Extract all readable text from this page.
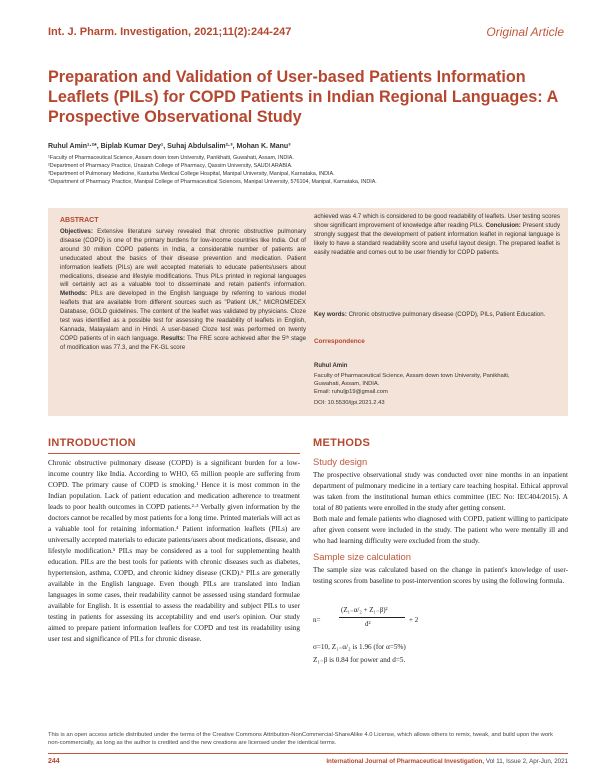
Int. J. Pharm. Investigation, 2021;11(2):244-247	Original Article
Preparation and Validation of User-based Patients Information Leaflets (PILs) for COPD Patients in Indian Regional Languages: A Prospective Observational Study
Ruhul Amin¹·²*, Biplab Kumar Dey¹, Suhaj Abdulsalim²·³, Mohan K. Manu³
¹Faculty of Pharmaceutical Science, Assam down town University, Panikhaiti, Guwahati, Assam, INDIA.
²Department of Pharmacy Practice, Unaizah College of Pharmacy, Qassim University, SAUDI ARABIA.
³Department of Pulmonary Medicine, Kasturba Medical College Hospital, Manipal University, Manipal, Karnataka, INDIA.
⁴Department of Pharmacy Practice, Manipal College of Pharmaceutical Sciences, Manipal University, 576104, Manipal, Karnataka, INDIA.
ABSTRACT

Objectives: Extensive literature survey revealed that chronic obstructive pulmonary disease (COPD) is one of the primary burdens for low-income countries like India. Out of around 30 million COPD patients in India, a considerable number of patients are uneducated about the basics of their disease prevention and medication. Patient information leaflets (PILs) are well accepted materials to educate patients/users about medications, disease and lifestyle modifications. Thus PILs printed in regional languages will certainly act as a valuable tool to disseminate and retain patient's information. Methods: PILs are developed in the English language by referring to various model leaflets that are available from different sources such as "Patient UK," MICROMEDEX Database, GOLD guidelines. The content of the leaflet was validated by physicians. Cloze test was identified as a possible test for assessing the readability of leaflets in English, Kannada, Malayalam and in Hindi. A user-based Cloze test was performed on twenty COPD patients of in each language. Results: The FRE score achieved after the 5ᵗʰ stage of modification was 77.3, and the FK-GL score

achieved was 4.7 which is considered to be good readability of leaflets. User testing scores show significant improvement of knowledge after reading PILs. Conclusion: Present study strongly suggest that the development of patient information leaflet in regional language is likely to have a standard readability score and useful layout design. The prepared leaflet is easily readable and comes out to be user friendly for COPD patients.

Key words: Chronic obstructive pulmonary disease (COPD), PILs, Patient Education.

Correspondence
Ruhul Amin
Faculty of Pharmaceutical Science, Assam down town University, Panikhaiti,
Guwahati, Assam, INDIA.
Email: ruhuljp19@gmail.com
DOI: 10.5530/ijpi.2021.2.43
INTRODUCTION

Chronic obstructive pulmonary disease (COPD) is a significant burden for a low-income country like India. According to WHO, 65 million people are suffering from COPD. The primary cause of COPD is smoking.¹ Hence it is most common in the Indian population. Lack of patient education and medication adherence to treatment leads to poor health outcomes in COPD patients.²·³ Verbally given information by the doctors cannot be recalled by most patients for a long time. Printed materials will act as a valuable tool for retaining information.⁴ Patient information leaflets (PILs) are universally accepted materials to educate patients/users about medications, disease, and lifestyle modification.⁵ PILs may be considered as a tool for supplementing health education. PILs are the best tools for patients with chronic diseases such as diabetes, hypertension, asthma, COPD, and chronic kidney disease (CKD).⁶ PILs are generally available in the English language. Even though PILs are translated into Indian languages in some cases, their readability cannot be assessed using standard formulae available for English. It is essential to assess the readability and subject PILs to user testing in patients for assessing its acceptability and end user's opinion. Our study aimed to prepare patient information leaflets for COPD and test its readability using user test and significance of PILs for chronic disease.

METHODS
Study design

The prospective observational study was conducted over nine months in an inpatient department of pulmonary medicine in a tertiary care teaching hospital. Ethical approval was taken from the institutional human ethics committee (IEC No: IEC404/2015). A total of 80 patients were enrolled in the study after getting consent.

Both male and female patients who diagnosed with COPD, patient willing to participate after given consent were included in the study. The patient who were mentally ill and who had learning difficulty were excluded from the study.

Sample size calculation

The sample size was calculated based on the change in patient's knowledge of user-testing scores from baseline to post-intervention scores by using the following formula.

n=
(Z₁₋α/₂ + Z₁₋β)²
d²	+ 2
σ=10, Z₁₋α/₂ is 1.96 (for α=5%)
Z₁₋β is 0.84 for power and d=5.

This is an open access article distributed under the terms of the Creative Commons Attribution-NonCommercial-ShareAlike 4.0 License, which allows others to remix, tweak, and build upon the work non-commercially, as long as the author is credited and the new creations are licensed under the identical terms.

244	International Journal of Pharmaceutical Investigation, Vol 11, Issue 2, Apr-Jun, 2021
